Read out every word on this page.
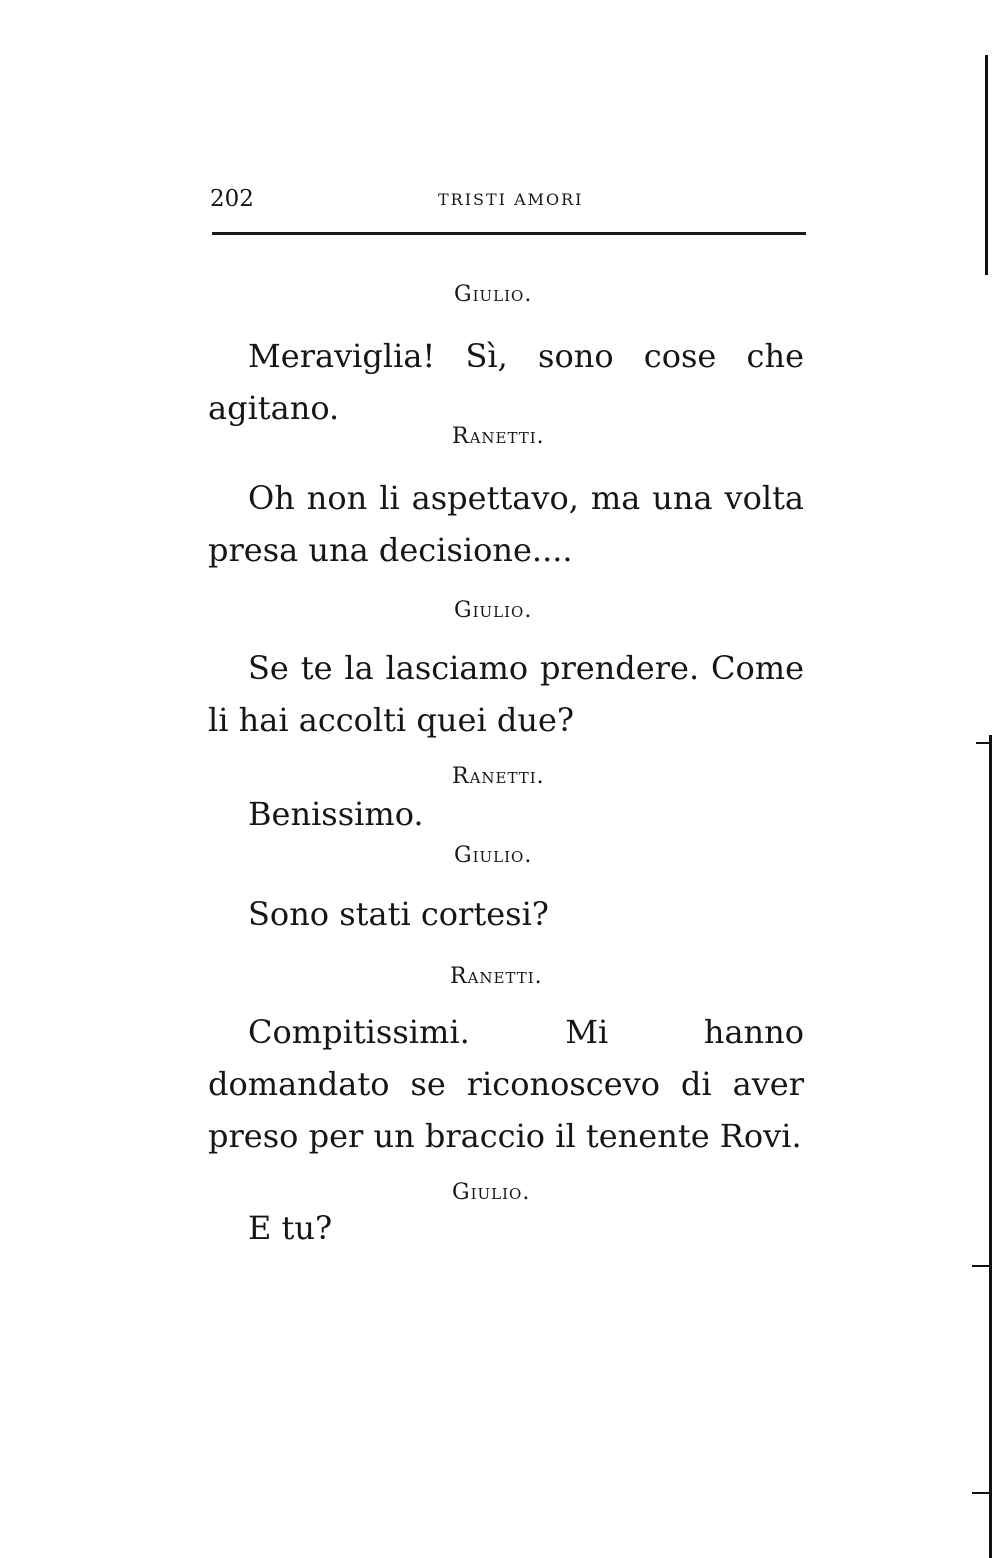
202	TRISTI AMORI
Giulio.

Meraviglia! Sì, sono cose che agitano.

Ranetti.

Oh non li aspettavo, ma una volta presa una decisione....

Giulio.

Se te la lasciamo prendere. Come li hai accolti quei due?

Ranetti.

Benissimo.

Giulio.

Sono stati cortesi?

Ranetti.

Compitissimi. Mi hanno domandato se riconoscevo di aver preso per un braccio il tenente Rovi.

Giulio.

E tu?
